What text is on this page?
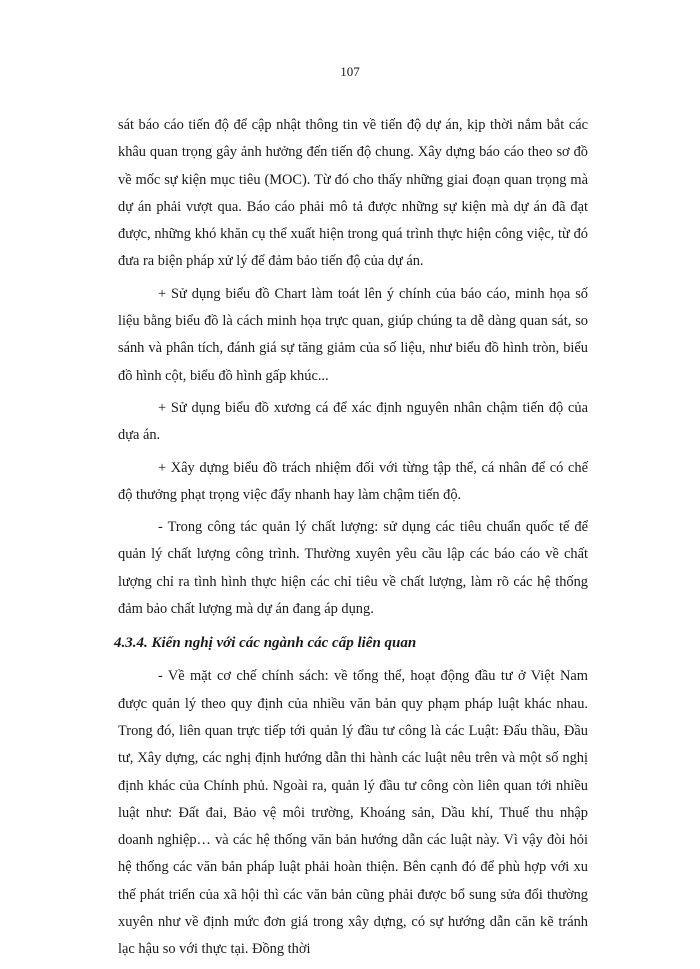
107

sát báo cáo tiến độ để cập nhật thông tin về tiến độ dự án, kịp thời nắm bắt các khâu quan trọng gây ảnh hưởng đến tiến độ chung. Xây dựng báo cáo theo sơ đồ về mốc sự kiện mục tiêu (MOC). Từ đó cho thấy những giai đoạn quan trọng mà dự án phải vượt qua. Báo cáo phải mô tả được những sự kiện mà dự án đã đạt được, những khó khăn cụ thể xuất hiện trong quá trình thực hiện công việc, từ đó đưa ra biện pháp xử lý để đảm bảo tiến độ của dự án.

+ Sử dụng biểu đồ Chart làm toát lên ý chính của báo cáo, minh họa số liệu bằng biểu đồ là cách minh họa trực quan, giúp chúng ta dễ dàng quan sát, so sánh và phân tích, đánh giá sự tăng giảm của số liệu, như biểu đồ hình tròn, biểu đồ hình cột, biểu đồ hình gấp khúc...

+ Sử dụng biểu đồ xương cá để xác định nguyên nhân chậm tiến độ của dựa án.

+ Xây dựng biểu đồ trách nhiệm đối với từng tập thể, cá nhân để có chế độ thưởng phạt trọng việc đẩy nhanh hay làm chậm tiến độ.

- Trong công tác quản lý chất lượng: sử dụng các tiêu chuẩn quốc tế để quản lý chất lượng công trình. Thường xuyên yêu cầu lập các báo cáo về chất lượng chỉ ra tình hình thực hiện các chỉ tiêu về chất lượng, làm rõ các hệ thống đảm bảo chất lượng mà dự án đang áp dụng.

4.3.4. Kiến nghị với các ngành các cấp liên quan

- Về mặt cơ chế chính sách: về tổng thể, hoạt động đầu tư ở Việt Nam được quản lý theo quy định của nhiều văn bản quy phạm pháp luật khác nhau. Trong đó, liên quan trực tiếp tới quản lý đầu tư công là các Luật: Đấu thầu, Đầu tư, Xây dựng, các nghị định hướng dẫn thi hành các luật nêu trên và một số nghị định khác của Chính phủ. Ngoài ra, quản lý đầu tư công còn liên quan tới nhiều luật như: Đất đai, Bảo vệ môi trường, Khoáng sản, Dầu khí, Thuế thu nhập doanh nghiệp… và các hệ thống văn bản hướng dẫn các luật này. Vì vậy đòi hỏi hệ thống các văn bản pháp luật phải hoàn thiện. Bên cạnh đó để phù hợp với xu thế phát triển của xã hội thì các văn bản cũng phải được bổ sung sửa đổi thường xuyên như về định mức đơn giá trong xây dựng, có sự hướng dẫn căn kẽ tránh lạc hậu so với thực tại. Đồng thời
